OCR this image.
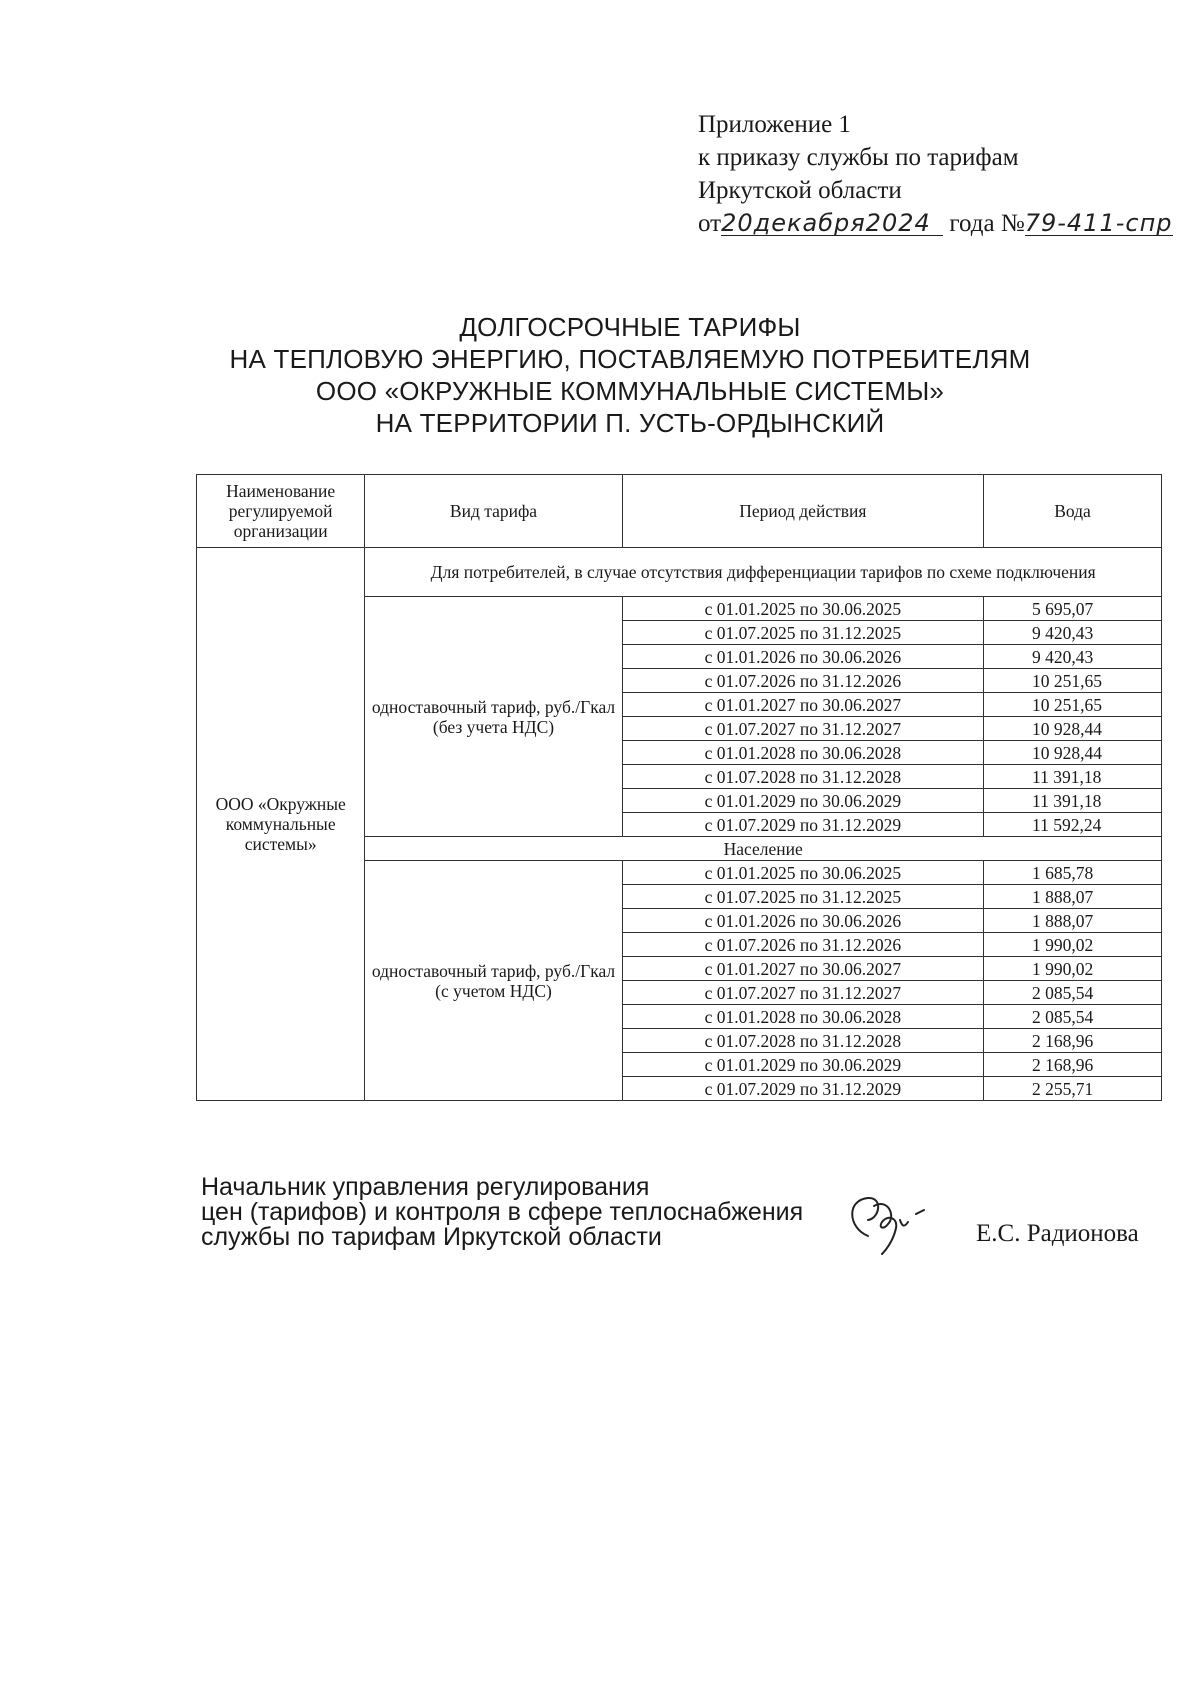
Приложение 1
к приказу службы по тарифам
Иркутской области
от20декабря2024 года №79-411-спр
ДОЛГОСРОЧНЫЕ ТАРИФЫ
НА ТЕПЛОВУЮ ЭНЕРГИЮ, ПОСТАВЛЯЕМУЮ ПОТРЕБИТЕЛЯМ
ООО «ОКРУЖНЫЕ КОММУНАЛЬНЫЕ СИСТЕМЫ»
НА ТЕРРИТОРИИ П. УСТЬ-ОРДЫНСКИЙ
Наименование регулируемой организации	Вид тарифа	Период действия	Вода
ООО «Окружные коммунальные системы»	Для потребителей, в случае отсутствия дифференциации тарифов по схеме подключения		
	одноставочный тариф, руб./Гкал (без учета НДС)	с 01.01.2025 по 30.06.2025	5 695,07
		с 01.07.2025 по 31.12.2025	9 420,43
		с 01.01.2026 по 30.06.2026	9 420,43
		с 01.07.2026 по 31.12.2026	10 251,65
		с 01.01.2027 по 30.06.2027	10 251,65
		с 01.07.2027 по 31.12.2027	10 928,44
		с 01.01.2028 по 30.06.2028	10 928,44
		с 01.07.2028 по 31.12.2028	11 391,18
		с 01.01.2029 по 30.06.2029	11 391,18
		с 01.07.2029 по 31.12.2029	11 592,24
	Население		
	одноставочный тариф, руб./Гкал (с учетом НДС)	с 01.01.2025 по 30.06.2025	1 685,78
		с 01.07.2025 по 31.12.2025	1 888,07
		с 01.01.2026 по 30.06.2026	1 888,07
		с 01.07.2026 по 31.12.2026	1 990,02
		с 01.01.2027 по 30.06.2027	1 990,02
		с 01.07.2027 по 31.12.2027	2 085,54
		с 01.01.2028 по 30.06.2028	2 085,54
		с 01.07.2028 по 31.12.2028	2 168,96
		с 01.01.2029 по 30.06.2029	2 168,96
		с 01.07.2029 по 31.12.2029	2 255,71
Начальник управления регулирования
цен (тарифов) и контроля в сфере теплоснабжения
службы по тарифам Иркутской области	Е.С. Радионова
